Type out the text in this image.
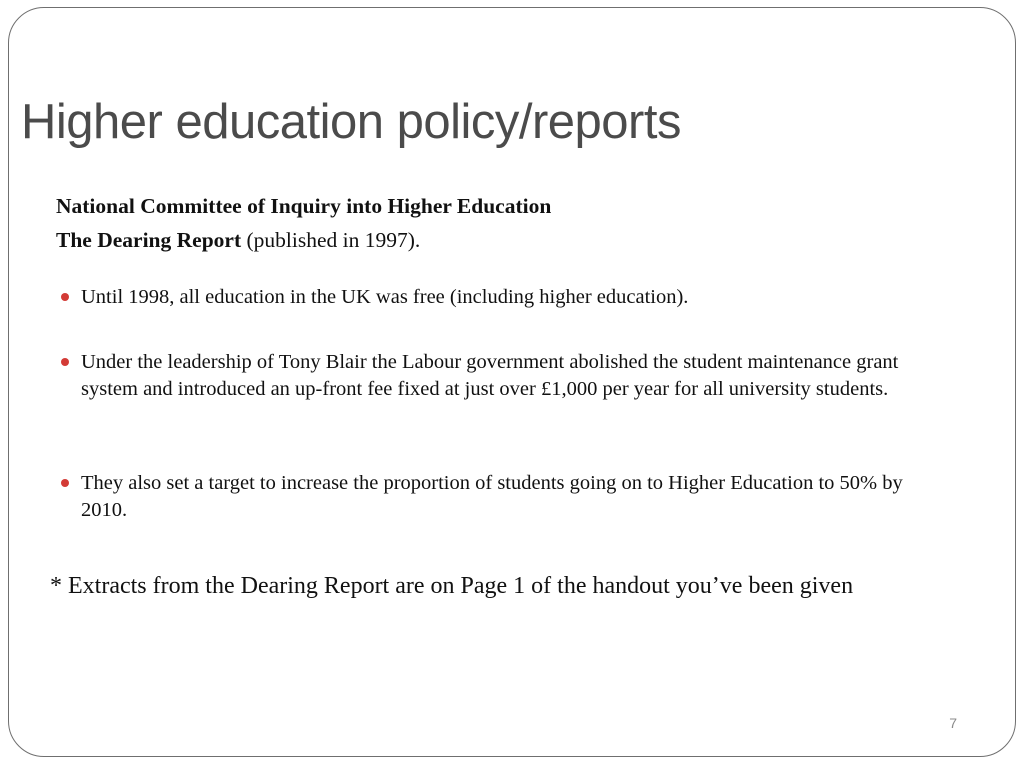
Higher education policy/reports
National Committee of Inquiry into Higher Education
The Dearing Report (published in 1997).
Until 1998, all education in the UK was free (including higher education).
Under the leadership of Tony Blair the Labour government abolished the student maintenance grant system and introduced an up-front fee fixed at just over £1,000 per year for all university students.
They also set a target to increase the proportion of students going on to Higher Education to 50% by 2010.
* Extracts from the Dearing Report are on Page 1 of the handout you’ve been given
7
